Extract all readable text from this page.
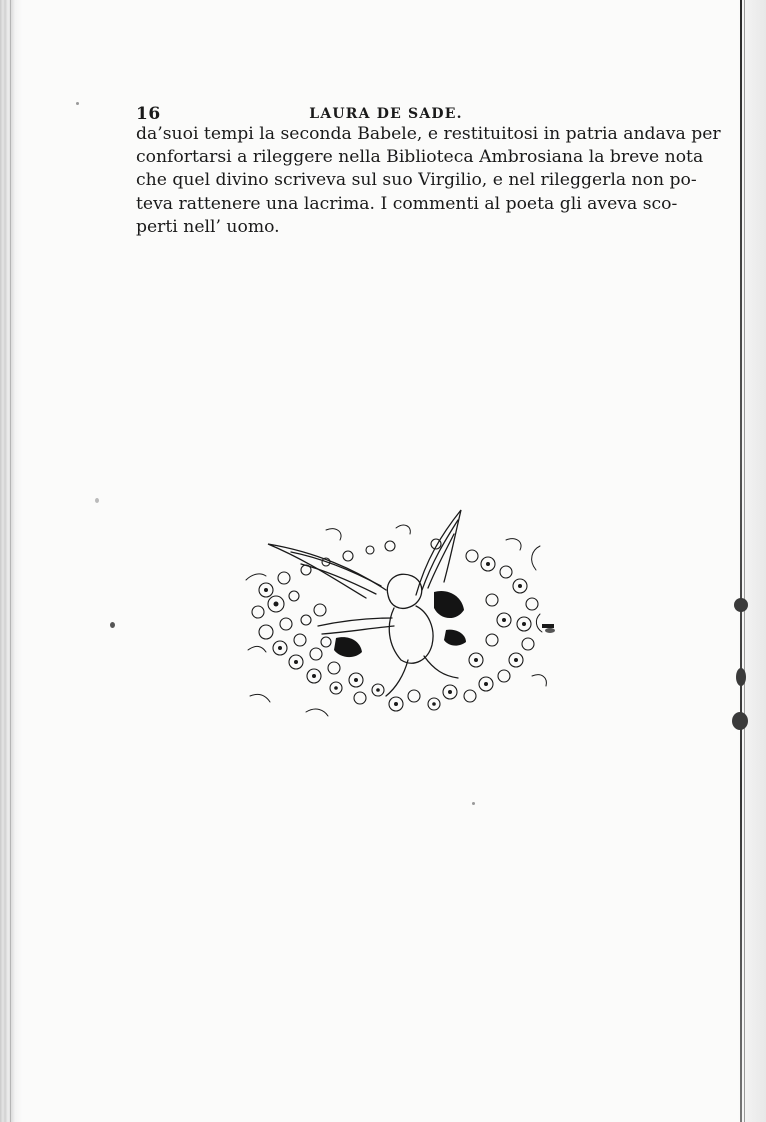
16	LAURA DE SADE.
da’suoi tempi la seconda Babele, e restituitosi in patria andava per
confortarsi a rileggere nella Biblioteca Ambrosiana la breve nota
che quel divino scriveva sul suo Virgilio, e nel rileggerla non po-
teva rattenere una lacrima. I commenti al poeta gli aveva sco-
perti nell’ uomo.
